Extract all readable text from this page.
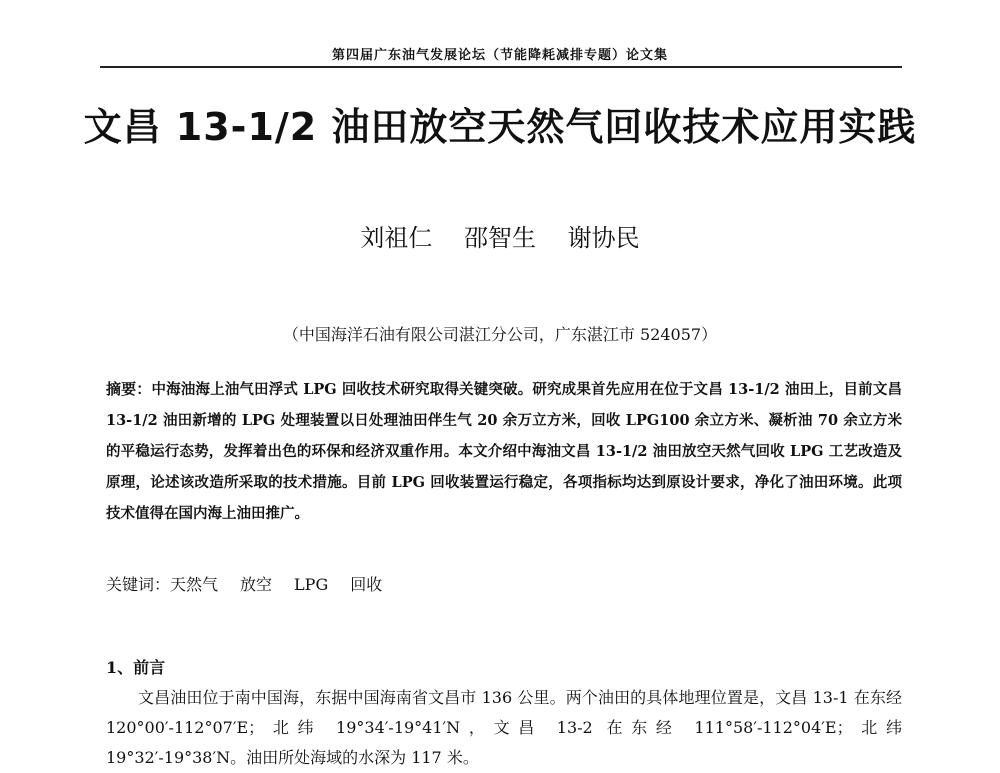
第四届广东油气发展论坛（节能降耗减排专题）论文集
文昌 13-1/2 油田放空天然气回收技术应用实践
刘祖仁 邵智生 谢协民
（中国海洋石油有限公司湛江分公司，广东湛江市 524057）
摘要：中海油海上油气田浮式 LPG 回收技术研究取得关键突破。研究成果首先应用在位于文昌 13-1/2 油田上，目前文昌 13-1/2 油田新增的 LPG 处理装置以日处理油田伴生气 20 余万立方米，回收 LPG100 余立方米、凝析油 70 余立方米的平稳运行态势，发挥着出色的环保和经济双重作用。本文介绍中海油文昌 13-1/2 油田放空天然气回收 LPG 工艺改造及原理，论述该改造所采取的技术措施。目前 LPG 回收装置运行稳定，各项指标均达到原设计要求，净化了油田环境。此项技术值得在国内海上油田推广。
关键词：天然气 放空 LPG 回收
1、前言
文昌油田位于南中国海，东据中国海南省文昌市 136 公里。两个油田的具体地理位置是，文昌 13-1 在东经 120°00′-112°07′E；北纬 19°34′-19°41′N，文昌 13-2 在东经 111°58′-112°04′E；北纬 19°32′-19°38′N。油田所处海域的水深为 117 米。
